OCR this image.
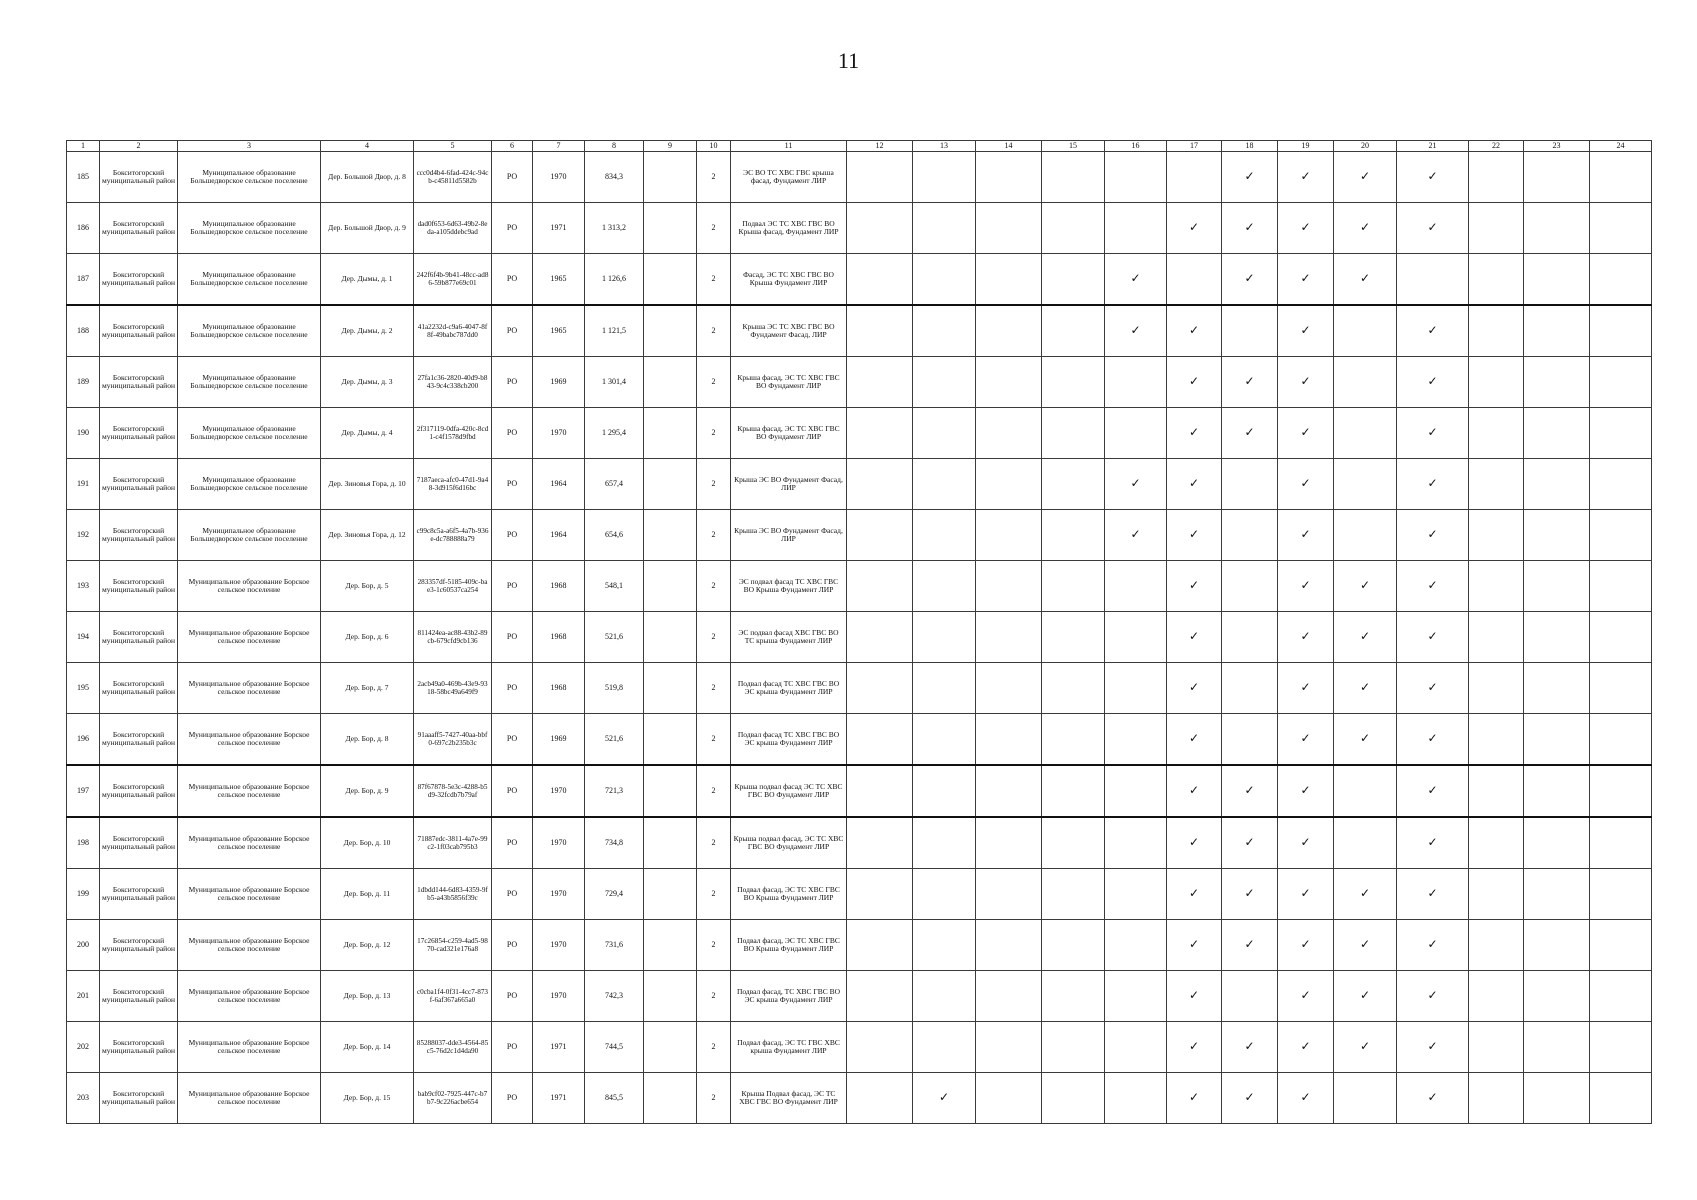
11
1	2	3	4	5	6	7	8	9	10	11	12	13	14	15	16	17	18	19	20	21	22	23	24
185	Бокситогорский муниципальный район	Муниципальное образование Большедворское сельское поселение	Дер. Большой Двор, д. 8	ccc0d4b4-6fad-424c-94cb-c45811d5582b	РО	1970	834,3		2	ЭС ВО ТС ХВС ГВС крыша фасад, Фундамент ЛИР							✓	✓	✓	✓			
186	Бокситогорский муниципальный район	Муниципальное образование Большедворское сельское поселение	Дер. Большой Двор, д. 9	dad0f653-6d63-49b2-8eda-a105ddebc9ad	РО	1971	1 313,2		2	Подвал ЭС ТС ХВС ГВС ВО Крыша фасад, Фундамент ЛИР						✓	✓	✓	✓	✓			
187	Бокситогорский муниципальный район	Муниципальное образование Большедворское сельское поселение	Дер. Дымы, д. 1	242f6f4b-9b41-48cc-ad86-59b877e69c01	РО	1965	1 126,6		2	Фасад, ЭС ТС ХВС ГВС ВО Крыша Фундамент ЛИР					✓		✓	✓	✓				
188	Бокситогорский муниципальный район	Муниципальное образование Большедворское сельское поселение	Дер. Дымы, д. 2	41a2232d-c9a6-4047-8f8f-49babc787dd0	РО	1965	1 121,5		2	Крыша ЭС ТС ХВС ГВС ВО Фундамент Фасад, ЛИР					✓	✓		✓		✓			
189	Бокситогорский муниципальный район	Муниципальное образование Большедворское сельское поселение	Дер. Дымы, д. 3	27fa1c36-2820-40d9-b843-9c4c338cb200	РО	1969	1 301,4		2	Крыша фасад, ЭС ТС ХВС ГВС ВО Фундамент ЛИР						✓	✓	✓		✓			
190	Бокситогорский муниципальный район	Муниципальное образование Большедворское сельское поселение	Дер. Дымы, д. 4	2f317119-0dfa-420c-8cd1-c4f1578d9fbd	РО	1970	1 295,4		2	Крыша фасад, ЭС ТС ХВС ГВС ВО Фундамент ЛИР						✓	✓	✓		✓			
191	Бокситогорский муниципальный район	Муниципальное образование Большедворское сельское поселение	Дер. Зиновья Гора, д. 10	7187aeca-afc0-47d1-9a48-3d915f6d16bc	РО	1964	657,4		2	Крыша ЭС ВО Фундамент Фасад, ЛИР					✓	✓		✓		✓			
192	Бокситогорский муниципальный район	Муниципальное образование Большедворское сельское поселение	Дер. Зиновья Гора, д. 12	c99c8c5a-a6f5-4a7b-936e-dc788888a79	РО	1964	654,6		2	Крыша ЭС ВО Фундамент Фасад, ЛИР					✓	✓		✓		✓			
193	Бокситогорский муниципальный район	Муниципальное образование Борское сельское поселение	Дер. Бор, д. 5	283357df-5185-409c-bae3-1c60537ca254	РО	1968	548,1		2	ЭС подвал фасад ТС ХВС ГВС ВО Крыша Фундамент ЛИР						✓		✓	✓	✓			
194	Бокситогорский муниципальный район	Муниципальное образование Борское сельское поселение	Дер. Бор, д. 6	811424ea-ac88-43b2-89cb-679cfd9cb136	РО	1968	521,6		2	ЭС подвал фасад ХВС ГВС ВО ТС крыша Фундамент ЛИР						✓		✓	✓	✓			
195	Бокситогорский муниципальный район	Муниципальное образование Борское сельское поселение	Дер. Бор, д. 7	2acb49a0-469b-43e9-9318-58bc49a649f9	РО	1968	519,8		2	Подвал фасад ТС ХВС ГВС ВО ЭС крыша Фундамент ЛИР						✓		✓	✓	✓			
196	Бокситогорский муниципальный район	Муниципальное образование Борское сельское поселение	Дер. Бор, д. 8	91aaaff5-7427-40aa-bbf0-697c2b235b3c	РО	1969	521,6		2	Подвал фасад ТС ХВС ГВС ВО ЭС крыша Фундамент ЛИР						✓		✓	✓	✓			
197	Бокситогорский муниципальный район	Муниципальное образование Борское сельское поселение	Дер. Бор, д. 9	87f67878-5e3c-4288-b5d9-32fcdb7b79af	РО	1970	721,3		2	Крыша подвал фасад ЭС ТС ХВС ГВС ВО Фундамент ЛИР						✓	✓	✓		✓			
198	Бокситогорский муниципальный район	Муниципальное образование Борское сельское поселение	Дер. Бор, д. 10	71887edc-3811-4a7e-99c2-1f03cab795b3	РО	1970	734,8		2	Крыша подвал фасад, ЭС ТС ХВС ГВС ВО Фундамент ЛИР						✓	✓	✓		✓			
199	Бокситогорский муниципальный район	Муниципальное образование Борское сельское поселение	Дер. Бор, д. 11	1dbdd144-6d83-4359-9fb5-a43b5856f39c	РО	1970	729,4		2	Подвал фасад, ЭС ТС ХВС ГВС ВО Крыша Фундамент ЛИР						✓	✓	✓	✓	✓			
200	Бокситогорский муниципальный район	Муниципальное образование Борское сельское поселение	Дер. Бор, д. 12	17c26854-c259-4ad5-9870-cad321e176a8	РО	1970	731,6		2	Подвал фасад, ЭС ТС ХВС ГВС ВО Крыша Фундамент ЛИР						✓	✓	✓	✓	✓			
201	Бокситогорский муниципальный район	Муниципальное образование Борское сельское поселение	Дер. Бор, д. 13	c0cba1f4-0f31-4cc7-873f-6af367a665a0	РО	1970	742,3		2	Подвал фасад, ТС ХВС ГВС ВО ЭС крыша Фундамент ЛИР						✓		✓	✓	✓			
202	Бокситогорский муниципальный район	Муниципальное образование Борское сельское поселение	Дер. Бор, д. 14	85288037-dde3-4564-85c5-76d2c1d4da90	РО	1971	744,5		2	Подвал фасад, ЭС ТС ГВС ХВС крыша Фундамент ЛИР						✓	✓	✓	✓	✓			
203	Бокситогорский муниципальный район	Муниципальное образование Борское сельское поселение	Дер. Бор, д. 15	bab9cf02-7925-447c-b7b7-9c226acbe654	РО	1971	845,5		2	Крыша Подвал фасад, ЭС ТС ХВС ГВС ВО Фундамент ЛИР		✓				✓	✓	✓		✓			
